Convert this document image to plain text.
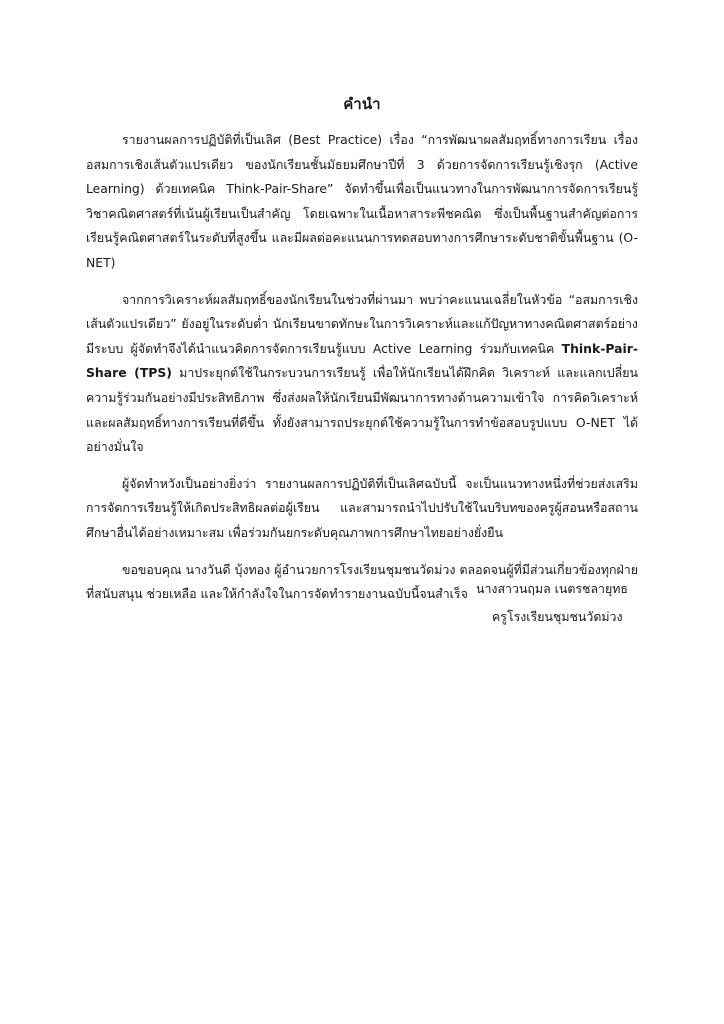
คำนำ

รายงานผลการปฏิบัติที่เป็นเลิศ (Best Practice) เรื่อง “การพัฒนาผลสัมฤทธิ์ทางการเรียน เรื่อง อสมการเชิงเส้นตัวแปรเดียว ของนักเรียนชั้นมัธยมศึกษาปีที่ 3 ด้วยการจัดการเรียนรู้เชิงรุก (Active Learning) ด้วยเทคนิค Think-Pair-Share” จัดทำขึ้นเพื่อเป็นแนวทางในการพัฒนาการจัดการเรียนรู้วิชาคณิตศาสตร์ที่เน้นผู้เรียนเป็นสำคัญ โดยเฉพาะในเนื้อหาสาระพีชคณิต ซึ่งเป็นพื้นฐานสำคัญต่อการเรียนรู้คณิตศาสตร์ในระดับที่สูงขึ้น และมีผลต่อคะแนนการทดสอบทางการศึกษาระดับชาติขั้นพื้นฐาน (O-NET)

จากการวิเคราะห์ผลสัมฤทธิ์ของนักเรียนในช่วงที่ผ่านมา พบว่าคะแนนเฉลี่ยในหัวข้อ “อสมการเชิงเส้นตัวแปรเดียว” ยังอยู่ในระดับต่ำ นักเรียนขาดทักษะในการวิเคราะห์และแก้ปัญหาทางคณิตศาสตร์อย่างมีระบบ ผู้จัดทำจึงได้นำแนวคิดการจัดการเรียนรู้แบบ Active Learning ร่วมกับเทคนิค Think-Pair-Share (TPS) มาประยุกต์ใช้ในกระบวนการเรียนรู้ เพื่อให้นักเรียนได้ฝึกคิด วิเคราะห์ และแลกเปลี่ยนความรู้ร่วมกันอย่างมีประสิทธิภาพ ซึ่งส่งผลให้นักเรียนมีพัฒนาการทางด้านความเข้าใจ การคิดวิเคราะห์ และผลสัมฤทธิ์ทางการเรียนที่ดีขึ้น ทั้งยังสามารถประยุกต์ใช้ความรู้ในการทำข้อสอบรูปแบบ O-NET ได้อย่างมั่นใจ

ผู้จัดทำหวังเป็นอย่างยิ่งว่า รายงานผลการปฏิบัติที่เป็นเลิศฉบับนี้ จะเป็นแนวทางหนึ่งที่ช่วยส่งเสริมการจัดการเรียนรู้ให้เกิดประสิทธิผลต่อผู้เรียน และสามารถนำไปปรับใช้ในบริบทของครูผู้สอนหรือสถานศึกษาอื่นได้อย่างเหมาะสม เพื่อร่วมกันยกระดับคุณภาพการศึกษาไทยอย่างยั่งยืน

ขอขอบคุณ นางวันดี บุ้งทอง ผู้อำนวยการโรงเรียนชุมชนวัดม่วง ตลอดจนผู้ที่มีส่วนเกี่ยวข้องทุกฝ่ายที่สนับสนุน ช่วยเหลือ และให้กำลังใจในการจัดทำรายงานฉบับนี้จนสำเร็จ นางสาวนฤมล เนตรชลายุทธ
ครูโรงเรียนชุมชนวัดม่วง
